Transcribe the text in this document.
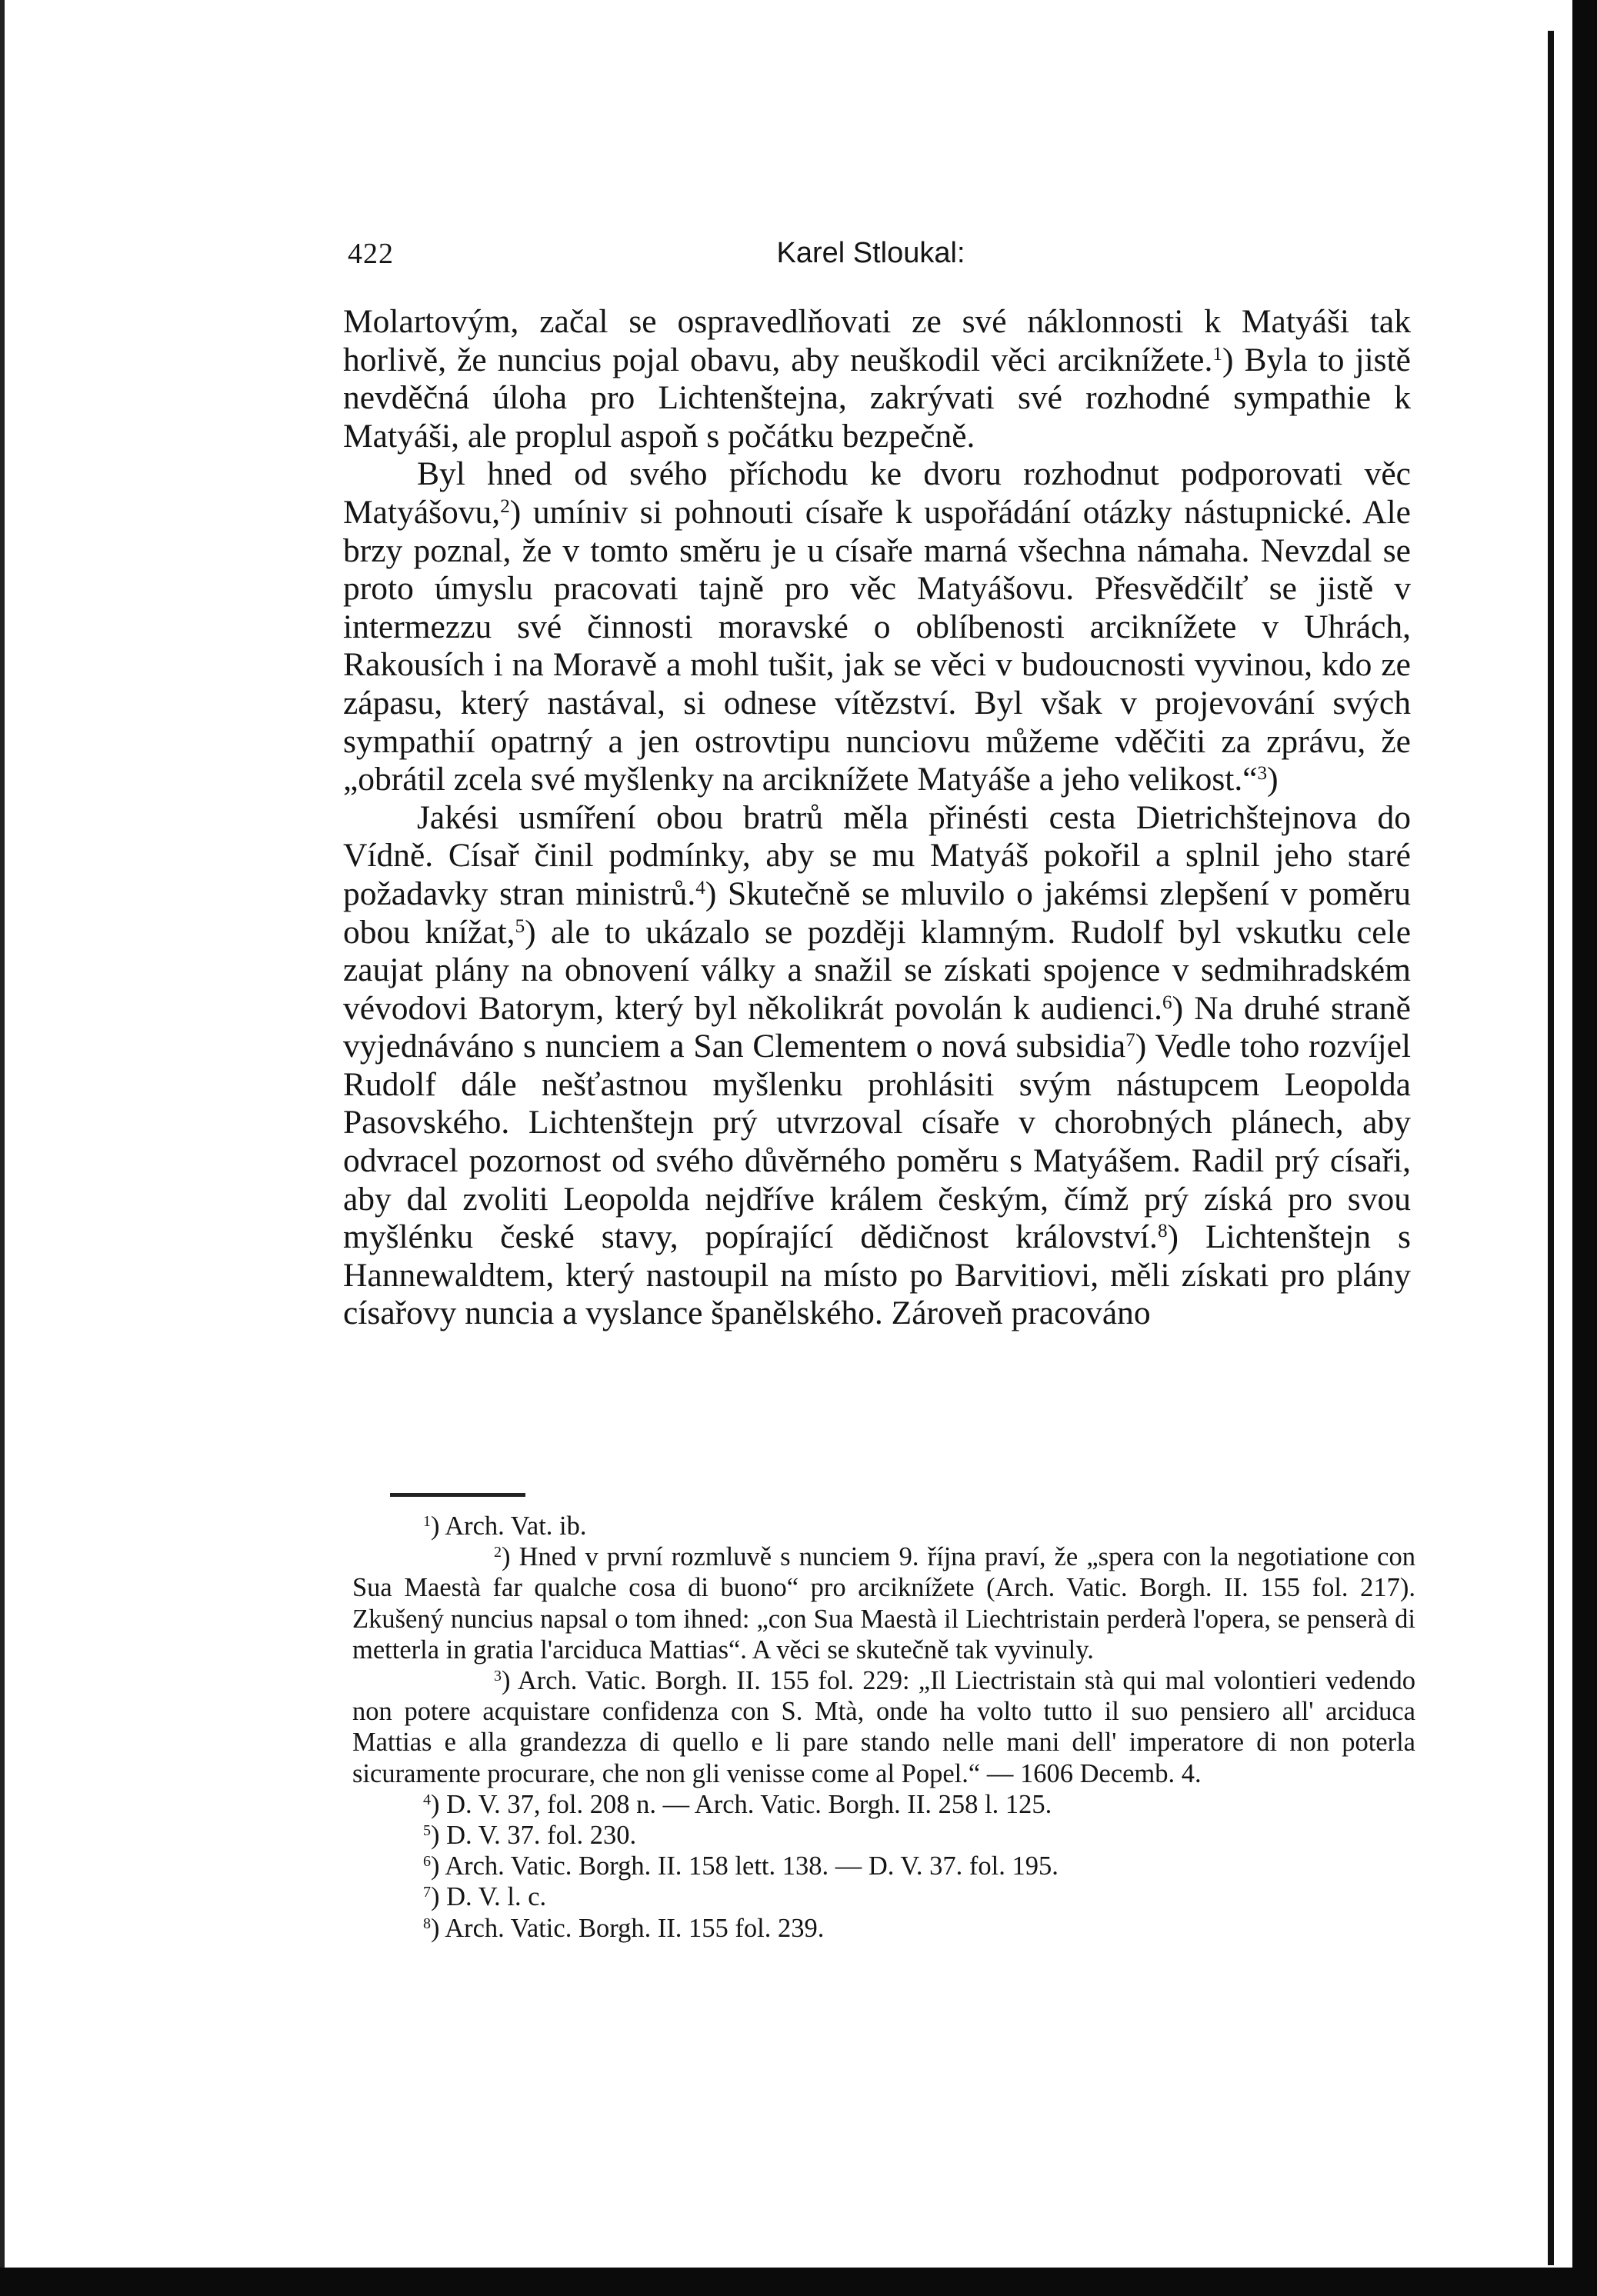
422	Karel Stloukal:

Molartovým, začal se ospravedlňovati ze své náklonnosti k Matyáši tak horlivě, že nuncius pojal obavu, aby neuškodil věci arciknížete.$^1$) Byla to jistě nevděčná úloha pro Lichtenštejna, zakrývati své rozhodné sympathie k Matyáši, ale proplul aspoň s počátku bezpečně.

Byl hned od svého příchodu ke dvoru rozhodnut podporovati věc Matyášovu,$^2$) umíniv si pohnouti císaře k uspořádání otázky nástupnické. Ale brzy poznal, že v tomto směru je u císaře marná všechna námaha. Nevzdal se proto úmyslu pracovati tajně pro věc Matyášovu. Přesvědčilť se jistě v intermezzu své činnosti moravské o oblíbenosti arciknížete v Uhrách, Rakousích i na Moravě a mohl tušit, jak se věci v budoucnosti vyvinou, kdo ze zápasu, který nastával, si odnese vítězství. Byl však v projevování svých sympathií opatrný a jen ostrovtipu nunciovu můžeme vděčiti za zprávu, že „obrátil zcela své myšlenky na arciknížete Matyáše a jeho velikost.“$^3$)

Jakési usmíření obou bratrů měla přinésti cesta Dietrichštejnova do Vídně. Císař činil podmínky, aby se mu Matyáš pokořil a splnil jeho staré požadavky stran ministrů.$^4$) Skutečně se mluvilo o jakémsi zlepšení v poměru obou knížat,$^5$) ale to ukázalo se později klamným. Rudolf byl vskutku cele zaujat plány na obnovení války a snažil se získati spojence v sedmihradském vévodovi Batorym, který byl několikrát povolán k audienci.$^6$) Na druhé straně vyjednáváno s nunciem a San Clementem o nová subsidia$^7$) Vedle toho rozvíjel Rudolf dále nešťastnou myšlenku prohlásiti svým nástupcem Leopolda Pasovského. Lichtenštejn prý utvrzoval císaře v chorobných plánech, aby odvracel pozornost od svého důvěrného poměru s Matyášem. Radil prý císaři, aby dal zvoliti Leopolda nejdříve králem českým, čímž prý získá pro svou myšlénku české stavy, popírající dědičnost království.$^8$) Lichtenštejn s Hannewaldtem, který nastoupil na místo po Barvitiovi, měli získati pro plány císařovy nuncia a vyslance španělského. Zároveň pracováno

$^1$) Arch. Vat. ib.

$^2$) Hned v první rozmluvě s nunciem 9. října praví, že „spera con la negotiatione con Sua Maestà far qualche cosa di buono“ pro arciknížete (Arch. Vatic. Borgh. II. 155 fol. 217). Zkušený nuncius napsal o tom ihned: „con Sua Maestà il Liechtristain perderà l'opera, se penserà di metterla in gratia l'arciduca Mattias“. A věci se skutečně tak vyvinuly.

$^3$) Arch. Vatic. Borgh. II. 155 fol. 229: „Il Liectristain stà qui mal volontieri vedendo non potere acquistare confidenza con S. Mtà, onde ha volto tutto il suo pensiero all' arciduca Mattias e alla grandezza di quello e li pare stando nelle mani dell' imperatore di non poterla sicuramente procurare, che non gli venisse come al Popel.“ — 1606 Decemb. 4.

$^4$) D. V. 37, fol. 208 n. — Arch. Vatic. Borgh. II. 258 l. 125.

$^5$) D. V. 37. fol. 230.

$^6$) Arch. Vatic. Borgh. II. 158 lett. 138. — D. V. 37. fol. 195.

$^7$) D. V. l. c.

$^8$) Arch. Vatic. Borgh. II. 155 fol. 239.
